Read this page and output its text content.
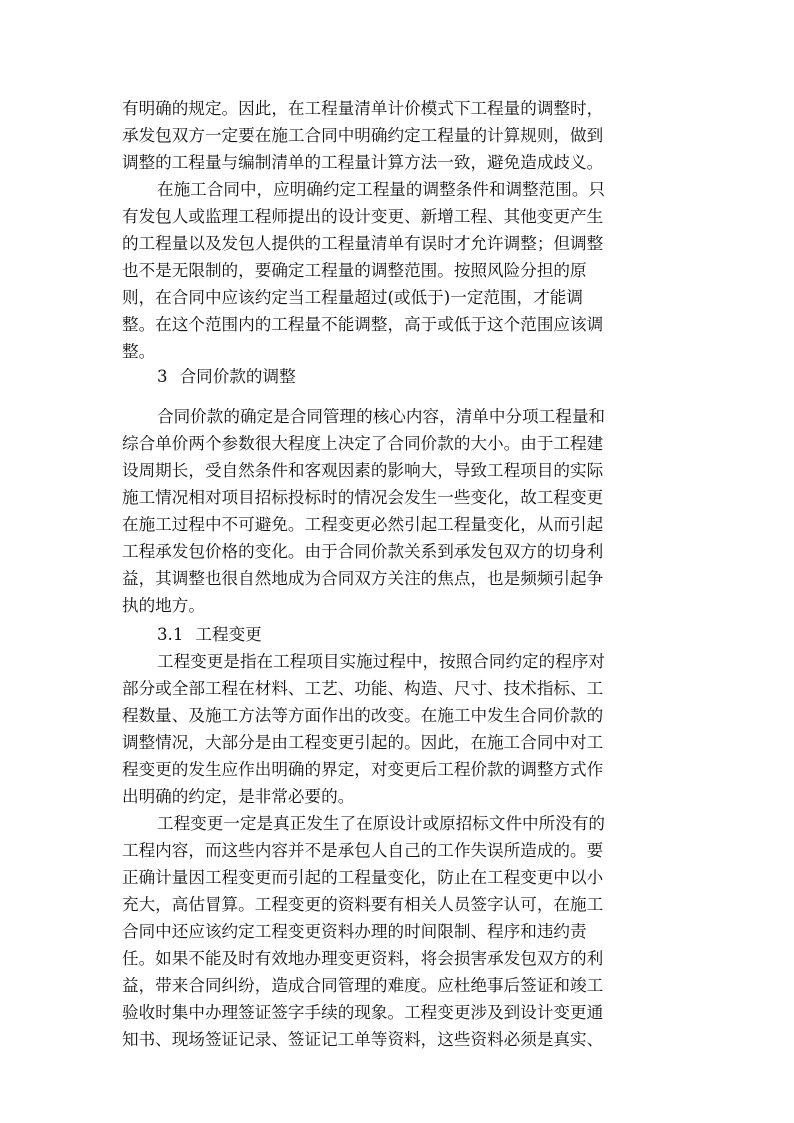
有明确的规定。因此，在工程量清单计价模式下工程量的调整时，
承发包双方一定要在施工合同中明确约定工程量的计算规则，做到
调整的工程量与编制清单的工程量计算方法一致，避免造成歧义。
在施工合同中，应明确约定工程量的调整条件和调整范围。只
有发包人或监理工程师提出的设计变更、新增工程、其他变更产生
的工程量以及发包人提供的工程量清单有误时才允许调整；但调整
也不是无限制的，要确定工程量的调整范围。按照风险分担的原
则，在合同中应该约定当工程量超过(或低于)一定范围，才能调
整。在这个范围内的工程量不能调整，高于或低于这个范围应该调
整。
3 合同价款的调整
合同价款的确定是合同管理的核心内容，清单中分项工程量和
综合单价两个参数很大程度上决定了合同价款的大小。由于工程建
设周期长，受自然条件和客观因素的影响大，导致工程项目的实际
施工情况相对项目招标投标时的情况会发生一些变化，故工程变更
在施工过程中不可避免。工程变更必然引起工程量变化，从而引起
工程承发包价格的变化。由于合同价款关系到承发包双方的切身利
益，其调整也很自然地成为合同双方关注的焦点，也是频频引起争
执的地方。
3.1 工程变更
工程变更是指在工程项目实施过程中，按照合同约定的程序对
部分或全部工程在材料、工艺、功能、构造、尺寸、技术指标、工
程数量、及施工方法等方面作出的改变。在施工中发生合同价款的
调整情况，大部分是由工程变更引起的。因此，在施工合同中对工
程变更的发生应作出明确的界定，对变更后工程价款的调整方式作
出明确的约定，是非常必要的。
工程变更一定是真正发生了在原设计或原招标文件中所没有的
工程内容，而这些内容并不是承包人自己的工作失误所造成的。要
正确计量因工程变更而引起的工程量变化，防止在工程变更中以小
充大，高估冒算。工程变更的资料要有相关人员签字认可，在施工
合同中还应该约定工程变更资料办理的时间限制、程序和违约责
任。如果不能及时有效地办理变更资料，将会损害承发包双方的利
益，带来合同纠纷，造成合同管理的难度。应杜绝事后签证和竣工
验收时集中办理签证签字手续的现象。工程变更涉及到设计变更通
知书、现场签证记录、签证记工单等资料，这些资料必须是真实、
